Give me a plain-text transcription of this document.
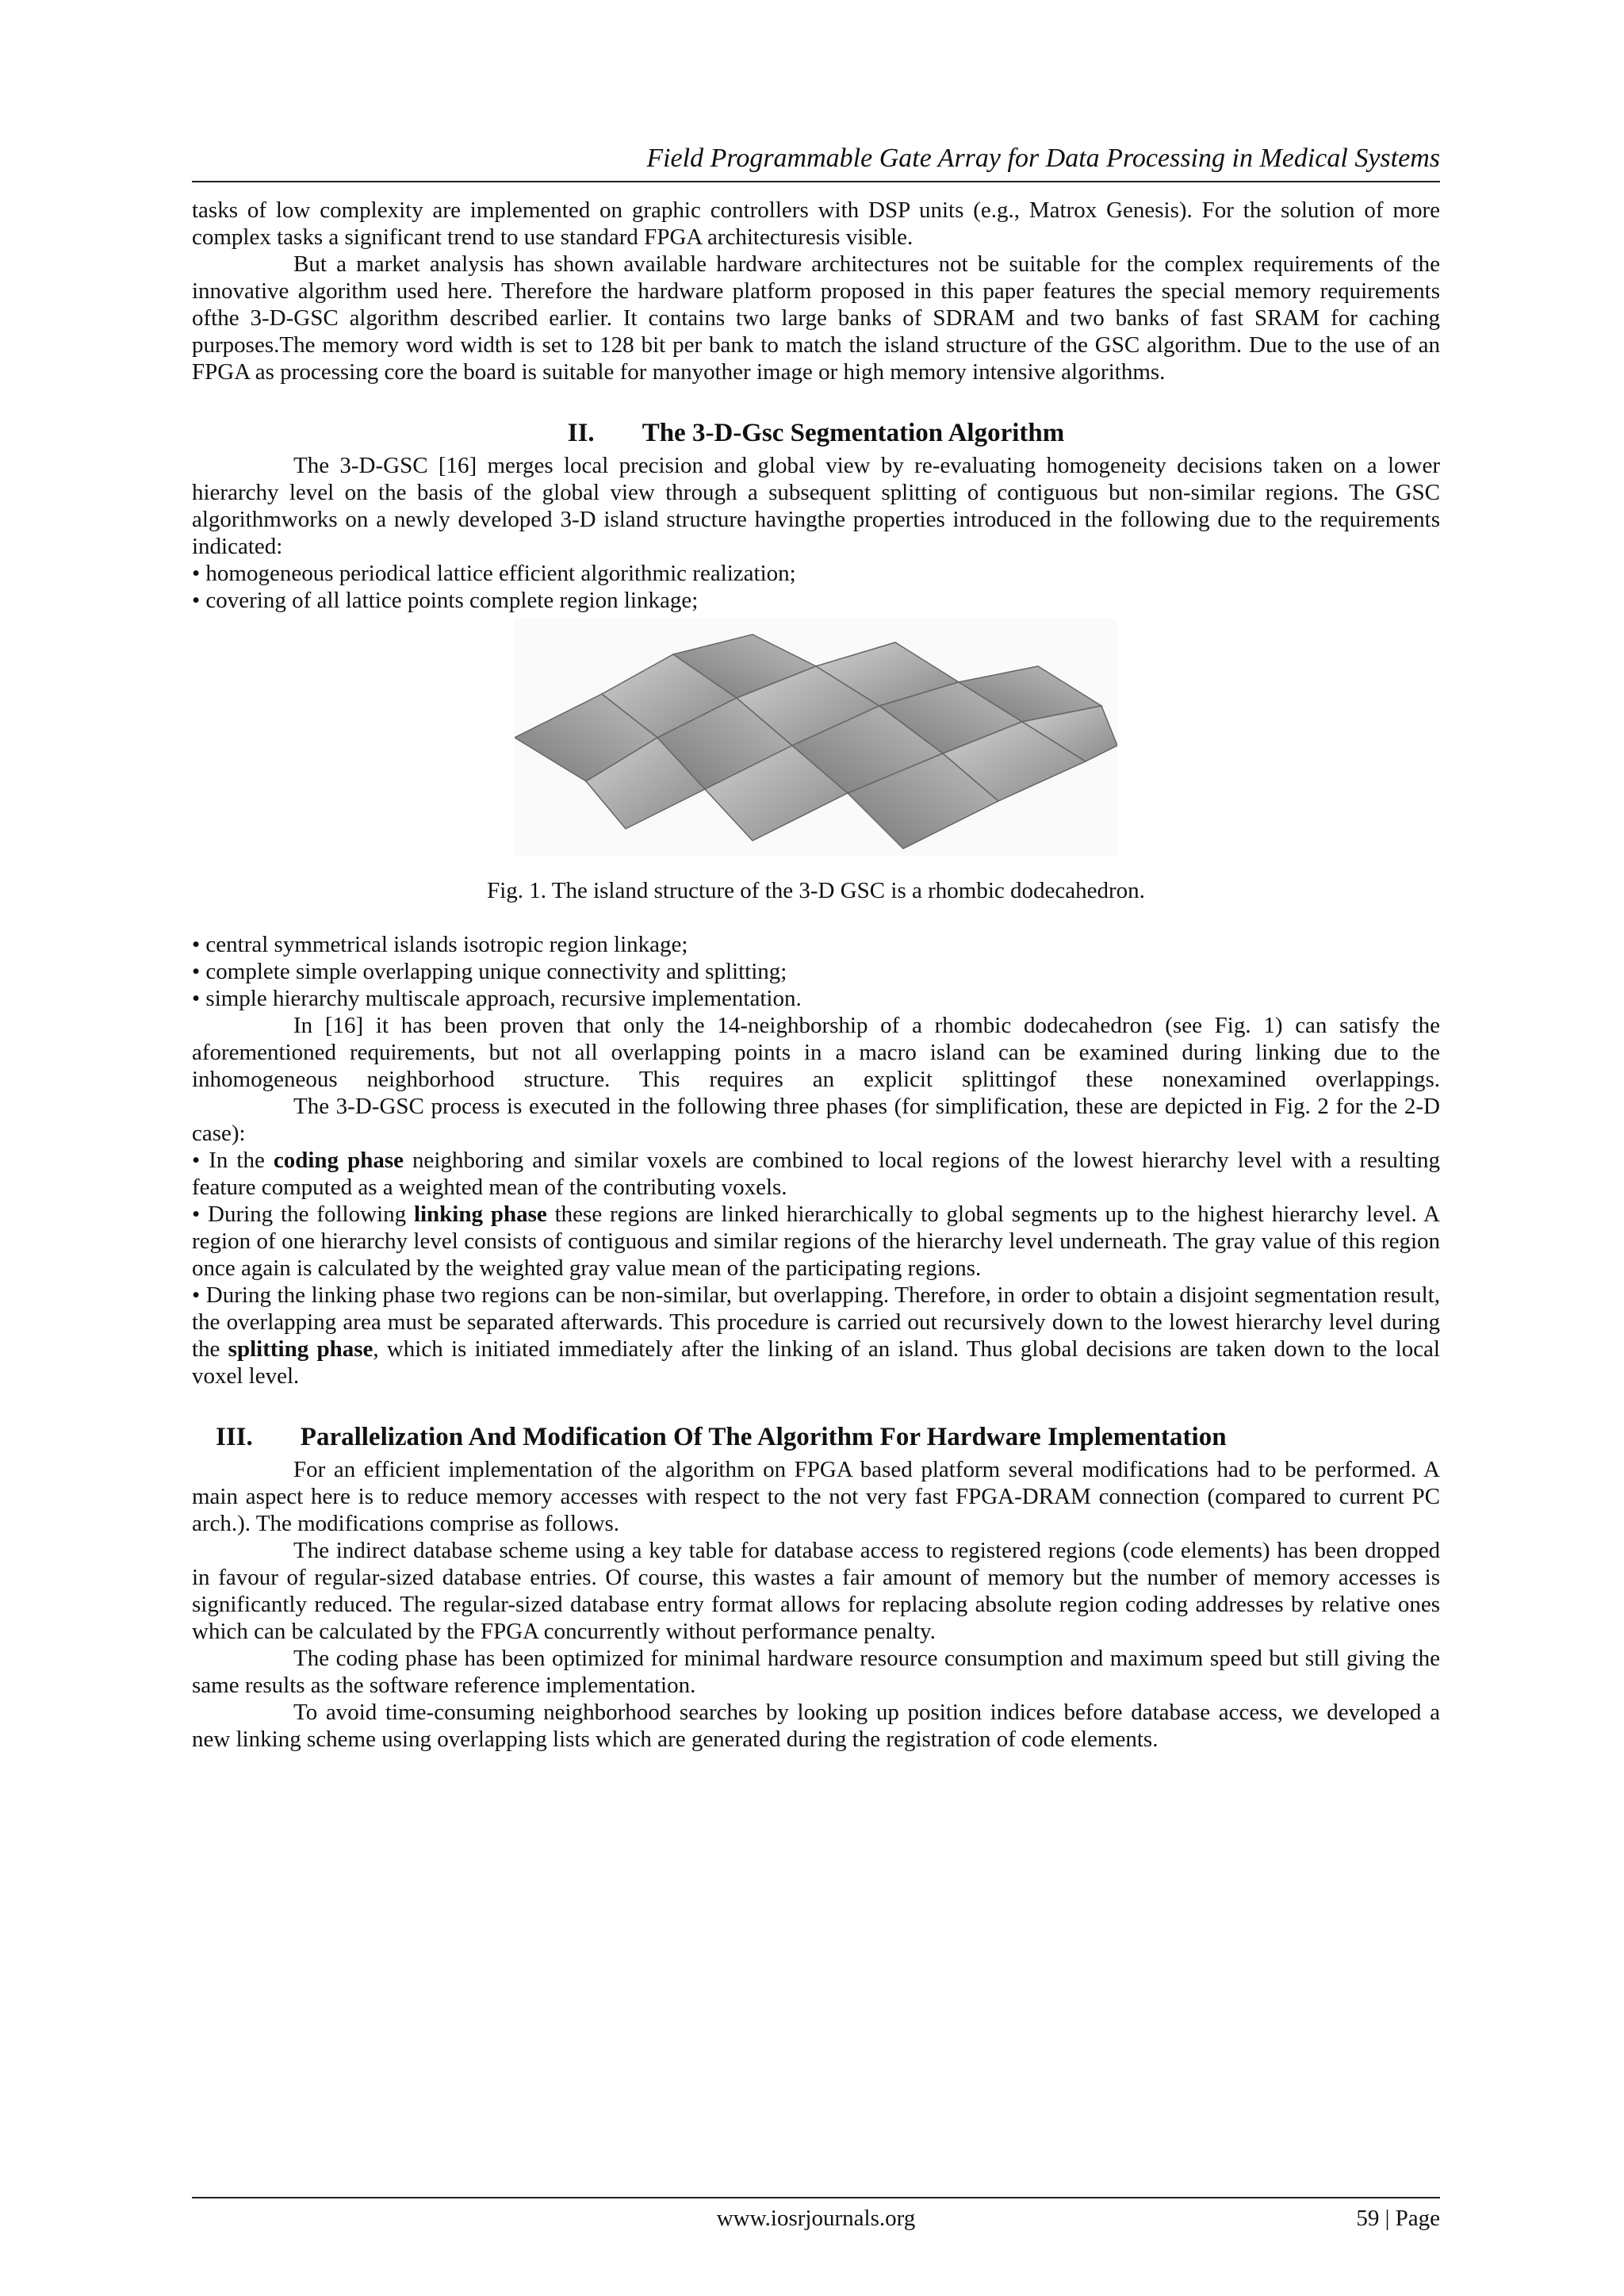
Field Programmable Gate Array for Data Processing in Medical Systems

tasks of low complexity are implemented on graphic controllers with DSP units (e.g., Matrox Genesis). For the solution of more complex tasks a significant trend to use standard FPGA architecturesis visible.

But a market analysis has shown available hardware architectures not be suitable for the complex requirements of the innovative algorithm used here. Therefore the hardware platform proposed in this paper features the special memory requirements ofthe 3-D-GSC algorithm described earlier. It contains two large banks of SDRAM and two banks of fast SRAM for caching purposes.The memory word width is set to 128 bit per bank to match the island structure of the GSC algorithm. Due to the use of an FPGA as processing core the board is suitable for manyother image or high memory intensive algorithms.

II. The 3-D-Gsc Segmentation Algorithm

The 3-D-GSC [16] merges local precision and global view by re-evaluating homogeneity decisions taken on a lower hierarchy level on the basis of the global view through a subsequent splitting of contiguous but non-similar regions. The GSC algorithmworks on a newly developed 3-D island structure havingthe properties introduced in the following due to the requirements indicated:

• homogeneous periodical lattice efficient algorithmic realization;

• covering of all lattice points complete region linkage;

Fig. 1. The island structure of the 3-D GSC is a rhombic dodecahedron.

• central symmetrical islands isotropic region linkage;

• complete simple overlapping unique connectivity and splitting;

• simple hierarchy multiscale approach, recursive implementation.

In [16] it has been proven that only the 14-neighborship of a rhombic dodecahedron (see Fig. 1) can satisfy the aforementioned requirements, but not all overlapping points in a macro island can be examined during linking due to the inhomogeneous neighborhood structure. This requires an explicit splittingof these nonexamined overlappings.

The 3-D-GSC process is executed in the following three phases (for simplification, these are depicted in Fig. 2 for the 2-D case):

• In the coding phase neighboring and similar voxels are combined to local regions of the lowest hierarchy level with a resulting feature computed as a weighted mean of the contributing voxels.

• During the following linking phase these regions are linked hierarchically to global segments up to the highest hierarchy level. A region of one hierarchy level consists of contiguous and similar regions of the hierarchy level underneath. The gray value of this region once again is calculated by the weighted gray value mean of the participating regions.

• During the linking phase two regions can be non-similar, but overlapping. Therefore, in order to obtain a disjoint segmentation result, the overlapping area must be separated afterwards. This procedure is carried out recursively down to the lowest hierarchy level during the splitting phase, which is initiated immediately after the linking of an island. Thus global decisions are taken down to the local voxel level.

III. Parallelization And Modification Of The Algorithm For Hardware Implementation

For an efficient implementation of the algorithm on FPGA based platform several modifications had to be performed. A main aspect here is to reduce memory accesses with respect to the not very fast FPGA-DRAM connection (compared to current PC arch.). The modifications comprise as follows.

The indirect database scheme using a key table for database access to registered regions (code elements) has been dropped in favour of regular-sized database entries. Of course, this wastes a fair amount of memory but the number of memory accesses is significantly reduced. The regular-sized database entry format allows for replacing absolute region coding addresses by relative ones which can be calculated by the FPGA concurrently without performance penalty.

The coding phase has been optimized for minimal hardware resource consumption and maximum speed but still giving the same results as the software reference implementation.

To avoid time-consuming neighborhood searches by looking up position indices before database access, we developed a new linking scheme using overlapping lists which are generated during the registration of code elements.

www.iosrjournals.org	59 | Page
